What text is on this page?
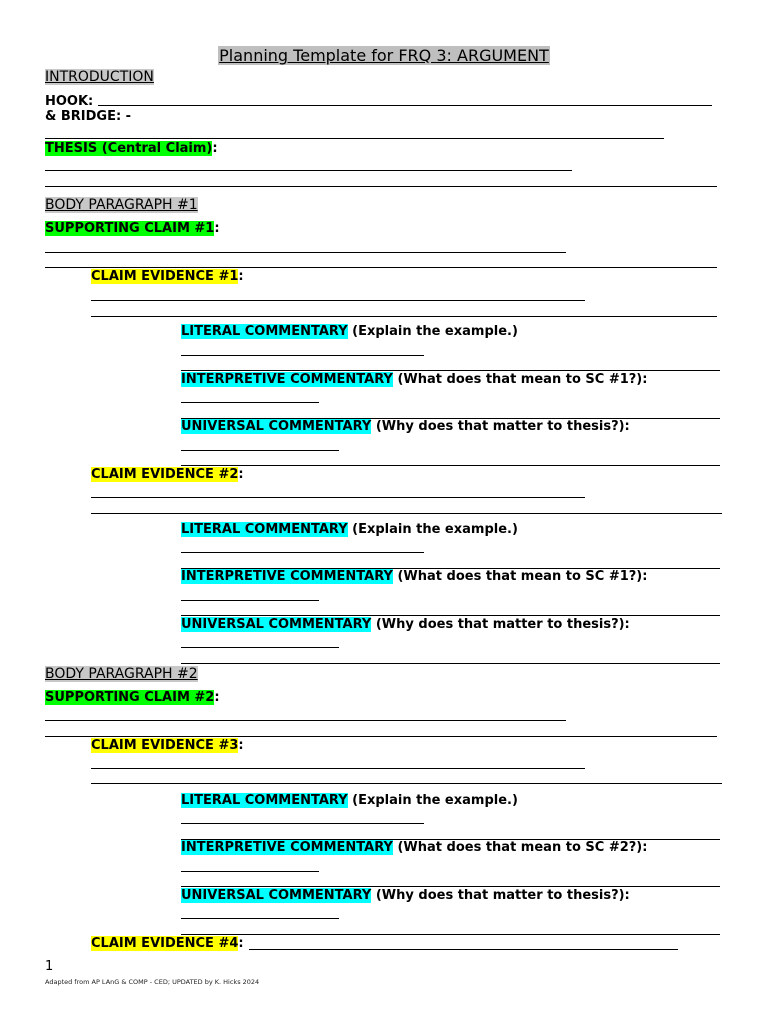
Planning Template for FRQ 3: ARGUMENT
INTRODUCTION
HOOK:
& BRIDGE: -
THESIS (Central Claim):
BODY PARAGRAPH #1
SUPPORTING CLAIM #1:
CLAIM EVIDENCE #1:
LITERAL COMMENTARY (Explain the example.)
INTERPRETIVE COMMENTARY (What does that mean to SC #1?):
UNIVERSAL COMMENTARY (Why does that matter to thesis?):
CLAIM EVIDENCE #2:
LITERAL COMMENTARY (Explain the example.)
INTERPRETIVE COMMENTARY (What does that mean to SC #1?):
UNIVERSAL COMMENTARY (Why does that matter to thesis?):
BODY PARAGRAPH #2
SUPPORTING CLAIM #2:
CLAIM EVIDENCE #3:
LITERAL COMMENTARY (Explain the example.)
INTERPRETIVE COMMENTARY (What does that mean to SC #2?):
UNIVERSAL COMMENTARY (Why does that matter to thesis?):
CLAIM EVIDENCE #4:
1
Adapted from AP LAnG & COMP - CED; UPDATED by K. Hicks 2024
